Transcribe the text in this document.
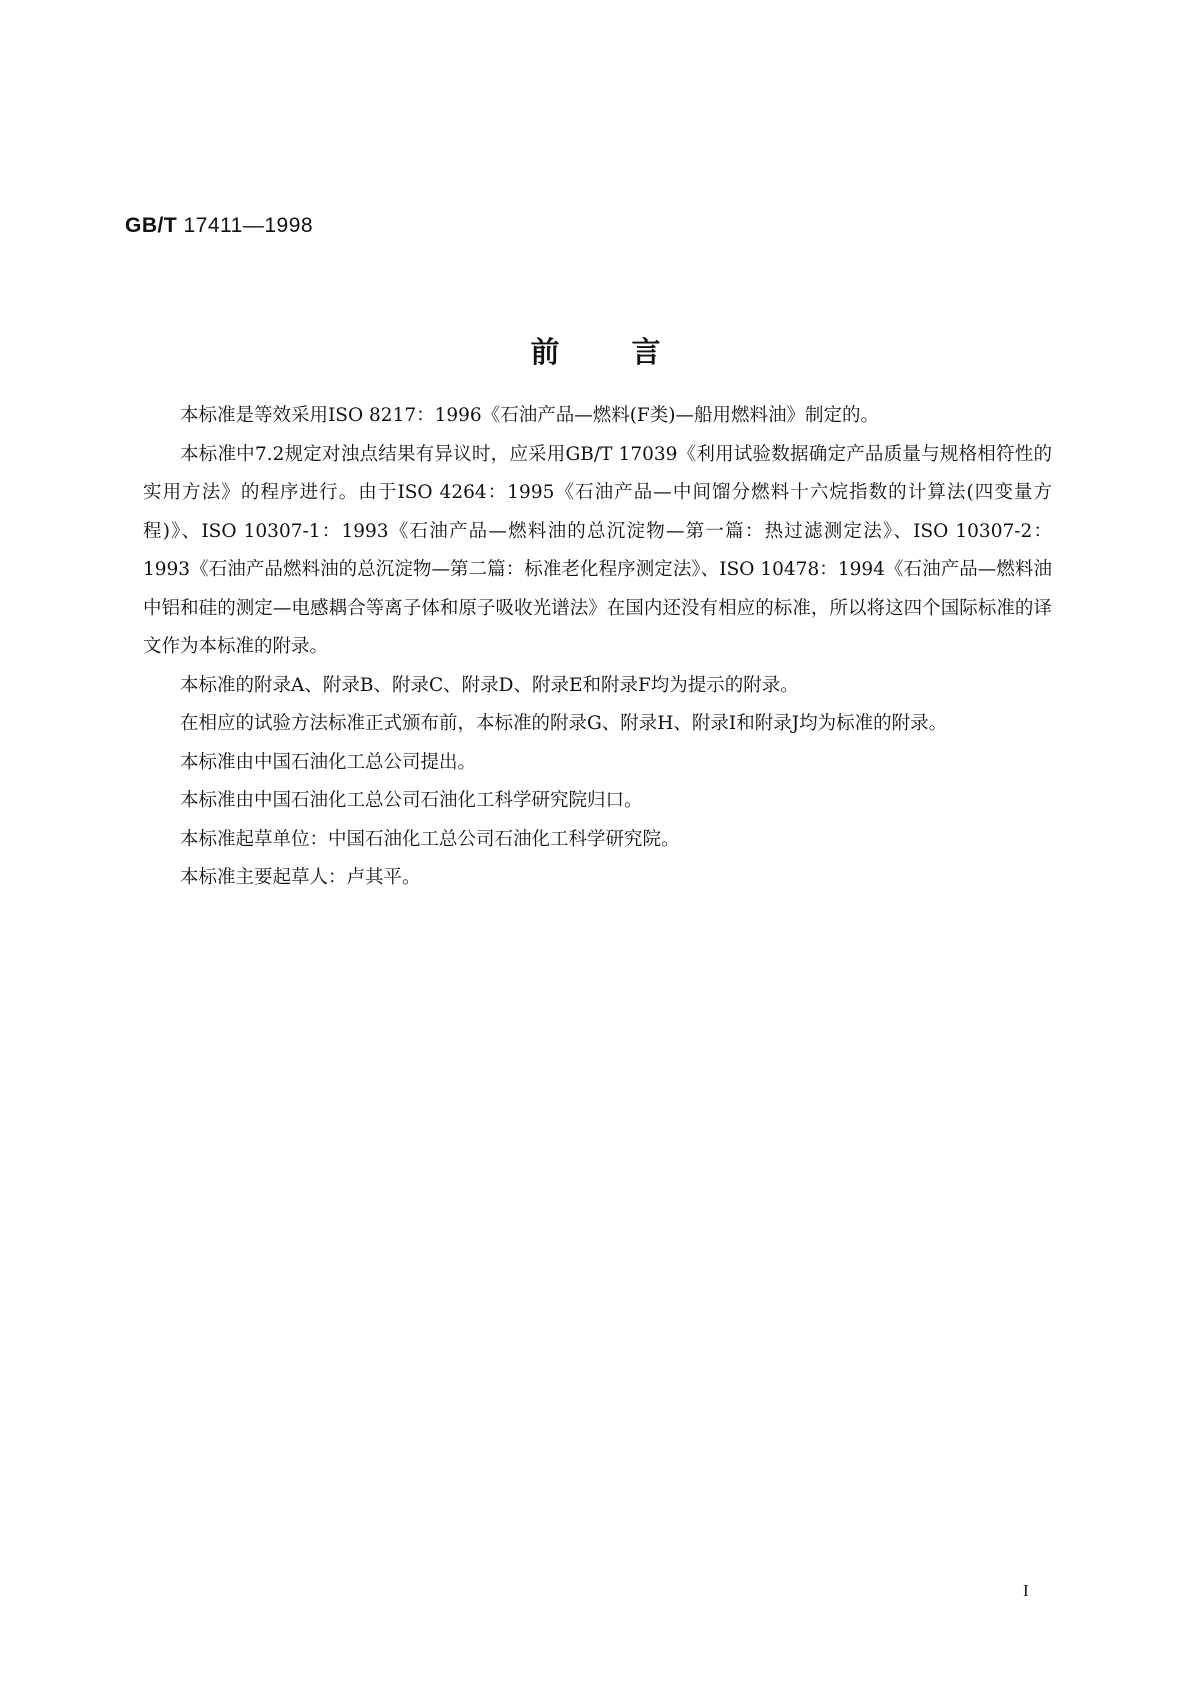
GB/T 17411—1998
前言

本标准是等效采用ISO 8217：1996《石油产品—燃料(F类)—船用燃料油》制定的。

本标准中7.2规定对浊点结果有异议时，应采用GB/T 17039《利用试验数据确定产品质量与规格相符性的实用方法》的程序进行。由于ISO 4264：1995《石油产品—中间馏分燃料十六烷指数的计算法(四变量方程)》、ISO 10307-1：1993《石油产品—燃料油的总沉淀物—第一篇：热过滤测定法》、ISO 10307-2：1993《石油产品燃料油的总沉淀物—第二篇：标准老化程序测定法》、ISO 10478：1994《石油产品—燃料油中铝和硅的测定—电感耦合等离子体和原子吸收光谱法》在国内还没有相应的标准，所以将这四个国际标准的译文作为本标准的附录。

本标准的附录A、附录B、附录C、附录D、附录E和附录F均为提示的附录。

在相应的试验方法标准正式颁布前，本标准的附录G、附录H、附录I和附录J均为标准的附录。

本标准由中国石油化工总公司提出。

本标准由中国石油化工总公司石油化工科学研究院归口。

本标准起草单位：中国石油化工总公司石油化工科学研究院。

本标准主要起草人：卢其平。

I
